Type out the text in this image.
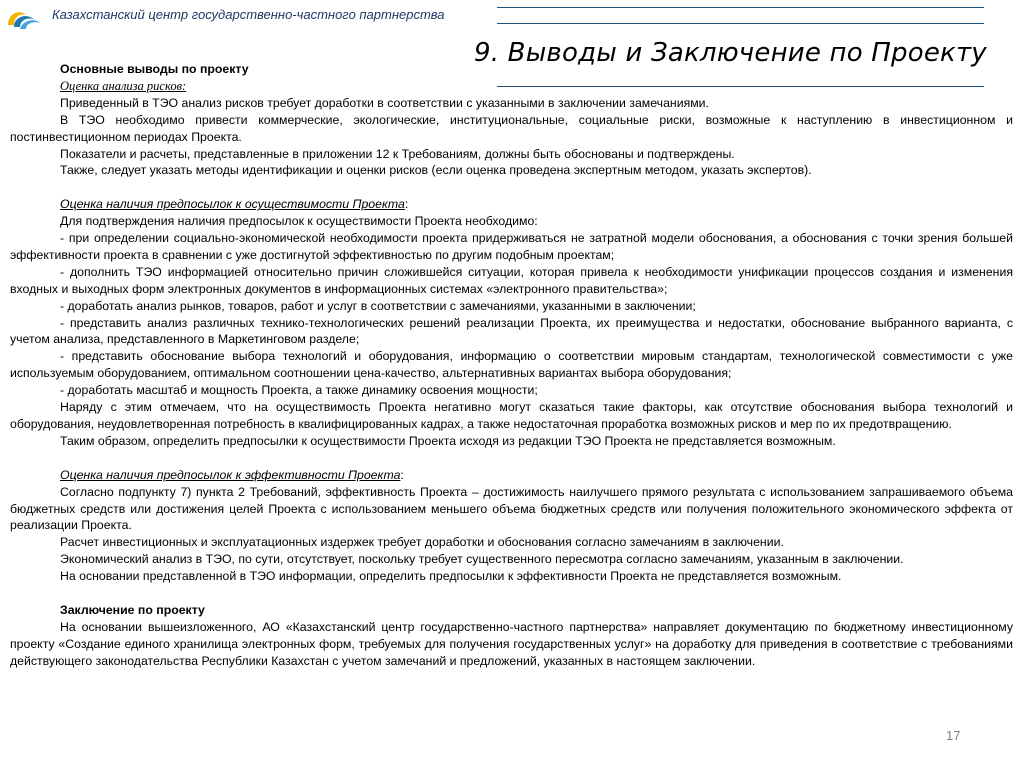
Казахстанский центр государственно-частного партнерства
9. Выводы и Заключение по Проекту

Основные выводы по проекту

Оценка анализа рисков:

Приведенный в ТЭО анализ рисков требует доработки в соответствии с указанными в заключении замечаниями.

В ТЭО необходимо привести коммерческие, экологические, институциональные, социальные риски, возможные к наступлению в инвестиционном и постинвестиционном периодах Проекта.

Показатели и расчеты, представленные в приложении 12 к Требованиям, должны быть обоснованы и подтверждены.

Также, следует указать методы идентификации и оценки рисков (если оценка проведена экспертным методом, указать экспертов).

Оценка наличия предпосылок к осуществимости Проекта:

Для подтверждения наличия предпосылок к осуществимости Проекта необходимо:

- при определении социально-экономической необходимости проекта придерживаться не затратной модели обоснования, а обоснования с точки зрения большей эффективности проекта в сравнении с уже достигнутой эффективностью по другим подобным проектам;

- дополнить ТЭО информацией относительно причин сложившейся ситуации, которая привела к необходимости унификации процессов создания и изменения входных и выходных форм электронных документов в информационных системах «электронного правительства»;

- доработать анализ рынков, товаров, работ и услуг в соответствии с замечаниями, указанными в заключении;

- представить анализ различных технико-технологических решений реализации Проекта, их преимущества и недостатки, обоснование выбранного варианта, с учетом анализа, представленного в Маркетинговом разделе;

- представить обоснование выбора технологий и оборудования, информацию о соответствии мировым стандартам, технологической совместимости с уже используемым оборудованием, оптимальном соотношении цена-качество, альтернативных вариантах выбора оборудования;

- доработать масштаб и мощность Проекта, а также динамику освоения мощности;

Наряду с этим отмечаем, что на осуществимость Проекта негативно могут сказаться такие факторы, как отсутствие обоснования выбора технологий и оборудования, неудовлетворенная потребность в квалифицированных кадрах, а также недостаточная проработка возможных рисков и мер по их предотвращению.

Таким образом, определить предпосылки к осуществимости Проекта исходя из редакции ТЭО Проекта не представляется возможным.

Оценка наличия предпосылок к эффективности Проекта:

Согласно подпункту 7) пункта 2 Требований, эффективность Проекта – достижимость наилучшего прямого результата с использованием запрашиваемого объема бюджетных средств или достижения целей Проекта с использованием меньшего объема бюджетных средств или получения положительного экономического эффекта от реализации Проекта.

Расчет инвестиционных и эксплуатационных издержек требует доработки и обоснования согласно замечаниям в заключении.

Экономический анализ в ТЭО, по сути, отсутствует, поскольку требует существенного пересмотра согласно замечаниям, указанным в заключении.

На основании представленной в ТЭО информации, определить предпосылки к эффективности Проекта не представляется возможным.

Заключение по проекту

На основании вышеизложенного, АО «Казахстанский центр государственно-частного партнерства» направляет документацию по бюджетному инвестиционному проекту «Создание единого хранилища электронных форм, требуемых для получения государственных услуг» на доработку для приведения в соответствие с требованиями действующего законодательства Республики Казахстан с учетом замечаний и предложений, указанных в настоящем заключении.

17
